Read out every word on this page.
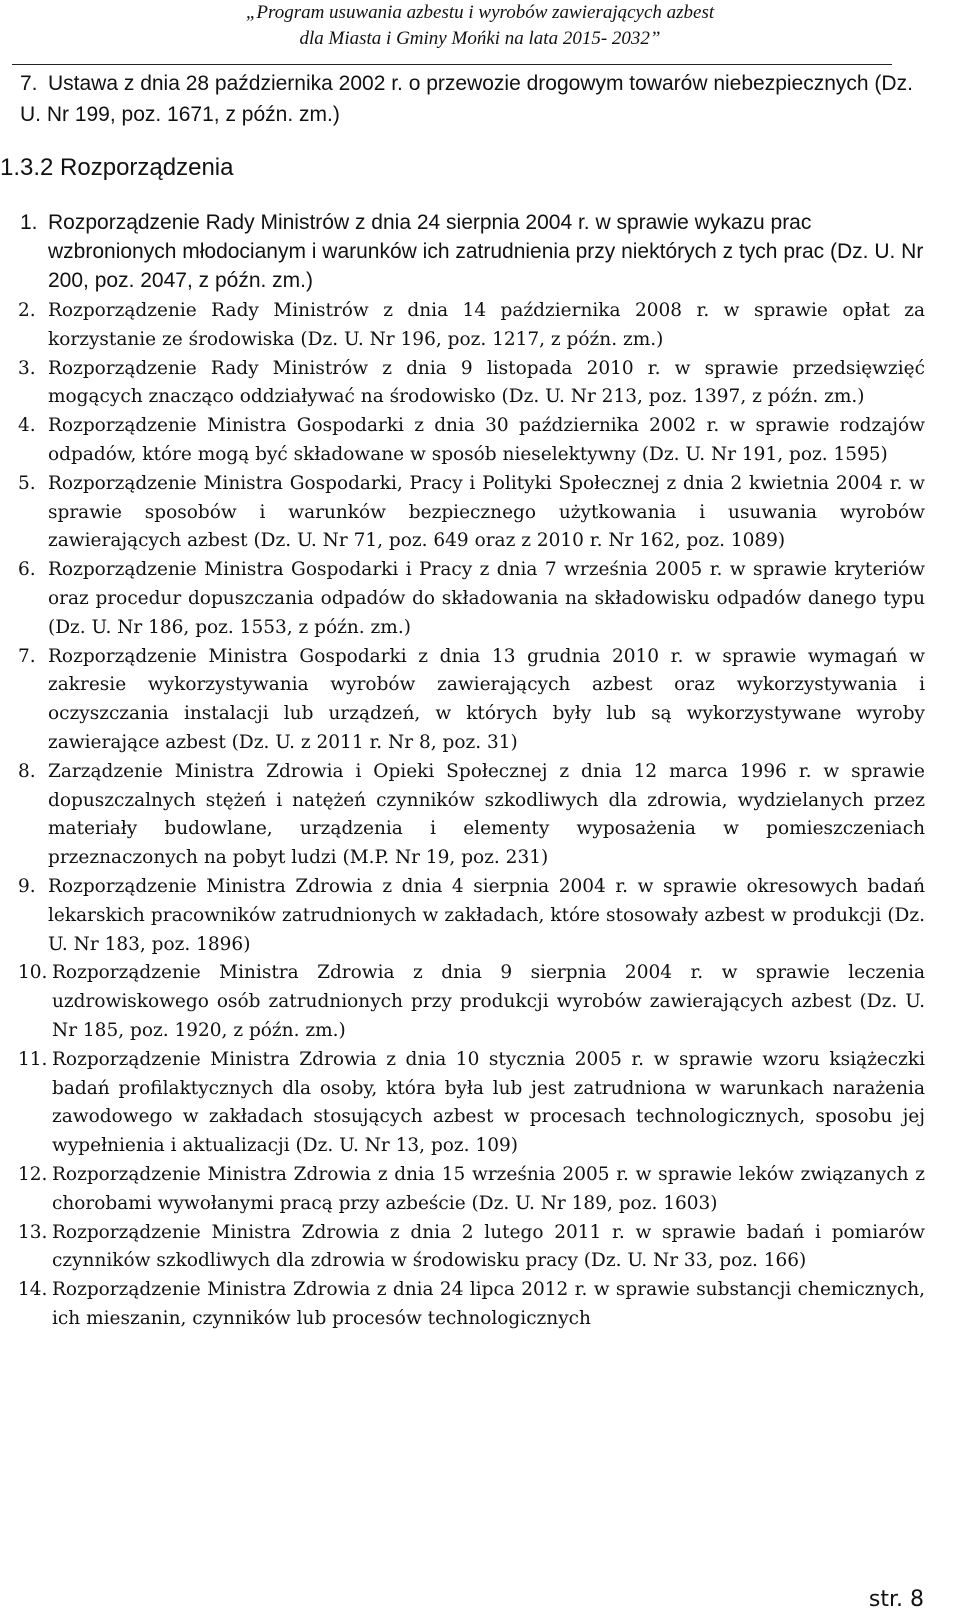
„Program usuwania azbestu i wyrobów zawierających azbest
dla Miasta i Gminy Mońki na lata 2015- 2032”
7. Ustawa z dnia 28 października 2002 r. o przewozie drogowym towarów niebezpiecznych (Dz. U. Nr 199, poz. 1671, z późn. zm.)
1.3.2 Rozporządzenia
1. Rozporządzenie Rady Ministrów z dnia 24 sierpnia 2004 r. w sprawie wykazu prac wzbronionych młodocianym i warunków ich zatrudnienia przy niektórych z tych prac (Dz. U. Nr 200, poz. 2047, z późn. zm.)
2. Rozporządzenie Rady Ministrów z dnia 14 października 2008 r. w sprawie opłat za korzystanie ze środowiska (Dz. U. Nr 196, poz. 1217, z późn. zm.)
3. Rozporządzenie Rady Ministrów z dnia 9 listopada 2010 r. w sprawie przedsięwzięć mogących znacząco oddziaływać na środowisko (Dz. U. Nr 213, poz. 1397, z późn. zm.)
4. Rozporządzenie Ministra Gospodarki z dnia 30 października 2002 r. w sprawie rodzajów odpadów, które mogą być składowane w sposób nieselektywny (Dz. U. Nr 191, poz. 1595)
5. Rozporządzenie Ministra Gospodarki, Pracy i Polityki Społecznej z dnia 2 kwietnia 2004 r. w sprawie sposobów i warunków bezpiecznego użytkowania i usuwania wyrobów zawierających azbest (Dz. U. Nr 71, poz. 649 oraz z 2010 r. Nr 162, poz. 1089)
6. Rozporządzenie Ministra Gospodarki i Pracy z dnia 7 września 2005 r. w sprawie kryteriów oraz procedur dopuszczania odpadów do składowania na składowisku odpadów danego typu (Dz. U. Nr 186, poz. 1553, z późn. zm.)
7. Rozporządzenie Ministra Gospodarki z dnia 13 grudnia 2010 r. w sprawie wymagań w zakresie wykorzystywania wyrobów zawierających azbest oraz wykorzystywania i oczyszczania instalacji lub urządzeń, w których były lub są wykorzystywane wyroby zawierające azbest (Dz. U. z 2011 r. Nr 8, poz. 31)
8. Zarządzenie Ministra Zdrowia i Opieki Społecznej z dnia 12 marca 1996 r. w sprawie dopuszczalnych stężeń i natężeń czynników szkodliwych dla zdrowia, wydzielanych przez materiały budowlane, urządzenia i elementy wyposażenia w pomieszczeniach przeznaczonych na pobyt ludzi (M.P. Nr 19, poz. 231)
9. Rozporządzenie Ministra Zdrowia z dnia 4 sierpnia 2004 r. w sprawie okresowych badań lekarskich pracowników zatrudnionych w zakładach, które stosowały azbest w produkcji (Dz. U. Nr 183, poz. 1896)
10. Rozporządzenie Ministra Zdrowia z dnia 9 sierpnia 2004 r. w sprawie leczenia uzdrowiskowego osób zatrudnionych przy produkcji wyrobów zawierających azbest (Dz. U. Nr 185, poz. 1920, z późn. zm.)
11. Rozporządzenie Ministra Zdrowia z dnia 10 stycznia 2005 r. w sprawie wzoru książeczki badań profilaktycznych dla osoby, która była lub jest zatrudniona w warunkach narażenia zawodowego w zakładach stosujących azbest w procesach technologicznych, sposobu jej wypełnienia i aktualizacji (Dz. U. Nr 13, poz. 109)
12. Rozporządzenie Ministra Zdrowia z dnia 15 września 2005 r. w sprawie leków związanych z chorobami wywołanymi pracą przy azbeście (Dz. U. Nr 189, poz. 1603)
13. Rozporządzenie Ministra Zdrowia z dnia 2 lutego 2011 r. w sprawie badań i pomiarów czynników szkodliwych dla zdrowia w środowisku pracy (Dz. U. Nr 33, poz. 166)
14. Rozporządzenie Ministra Zdrowia z dnia 24 lipca 2012 r. w sprawie substancji chemicznych, ich mieszanin, czynników lub procesów technologicznych
str. 8
